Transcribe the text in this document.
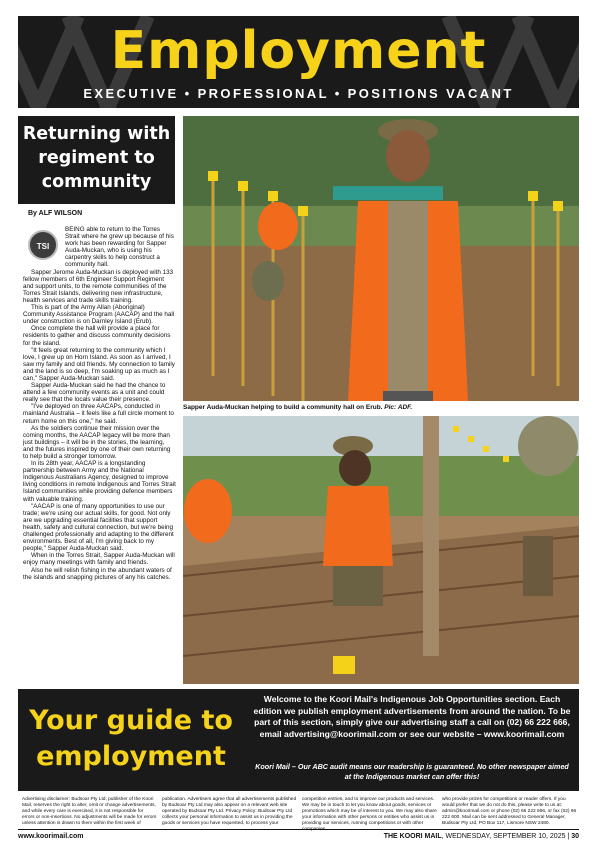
Employment
EXECUTIVE • PROFESSIONAL • POSITIONS VACANT
Returning with regiment to community
By ALF WILSON

BEING able to return to the Torres Strait where he grew up because of his work has been rewarding for Sapper Auda-Muckan, who is using his carpentry skills to help construct a community hall.

Sapper Jerome Auda-Muckan is deployed with 133 fellow members of 6th Engineer Support Regiment and support units, to the remote communities of the Torres Strait Islands, delivering new infrastructure, health services and trade skills training.

This is part of the Army Allan (Aboriginal) Community Assistance Program (AACAP) and the hall under construction is on Darnley Island (Erub).

Once complete the hall will provide a place for residents to gather and discuss community decisions for the island.

"It feels great returning to the community which I love, I grew up on Horn Island. As soon as I arrived, I saw my family and old friends. My connection to family and the land is so deep, I'm soaking up as much as I can," Sapper Auda-Muckan said.

Sapper Auda-Muckan said he had the chance to attend a few community events as a unit and could really see that the locals value their presence.

"I've deployed on three AACAPs, conducted in mainland Australia – it feels like a full circle moment to return home on this one," he said.

As the soldiers continue their mission over the coming months, the AACAP legacy will be more than just buildings – it will be in the stories, the learning, and the futures inspired by one of their own returning to help build a stronger tomorrow.

In its 28th year, AACAP is a longstanding partnership between Army and the National Indigenous Australians Agency, designed to improve living conditions in remote Indigenous and Torres Strait Island communities while providing defence members with valuable training.

"AACAP is one of many opportunities to use our trade; we're using our actual skills, for good. Not only are we upgrading essential facilities that support health, safety and cultural connection, but we're being challenged professionally and adapting to the different environments. Best of all, I'm giving back to my people," Sapper Auda-Muckan said.

When in the Torres Strait, Sapper Auda-Muckan will enjoy many meetings with family and friends.

Also he will relish fishing in the abundant waters of the islands and snapping pictures of any his catches.

TSI
Sapper Auda-Muckan helping to build a community hall on Erub. Pic: ADF.
Your guide to employment
Welcome to the Koori Mail's Indigenous Job Opportunities section. Each edition we publish employment advertisements from around the nation. To be part of this section, simply give our advertising staff a call on (02) 66 222 666, email advertising@koorimail.com or see our website – www.koorimail.com
Koori Mail – Our ABC audit means our readership is guaranteed. No other newspaper aimed at the Indigenous market can offer this!
Advertising disclaimer: Budsoar Pty Ltd, publisher of the Koori Mail, reserves the right to alter, omit or change advertisements, and while every care is exercised, it is not responsible for errors or non-insertions. No adjustments will be made for errors unless attention is drawn to them within the first week of
publication. Advertisers agree that all advertisements published by Budsoar Pty Ltd may also appear on a relevant web site operated by Budsoar Pty Ltd. Privacy Policy: Budsoar Pty Ltd collects your personal information to assist us in providing the goods or services you have requested, to process your
competition entries, and to improve our products and services. We may be in touch to let you know about goods, services or promotions which may be of interest to you. We may also share your information with other persons or entities who assist us in providing our services, running competitions or with other
who provide prizes for competitions or reader offers. If you would prefer that we do not do this, please write to us at: admin@koorimail.com or phone (02) 66 222 666, or fax (02) 66 222 600. Mail can be sent addressed to General Manager, Budsoar Pty Ltd, PO Box 117, Lismore NSW 2480.
www.koorimail.com	THE KOORI MAIL, WEDNESDAY, SEPTEMBER 10, 2025 | 30
